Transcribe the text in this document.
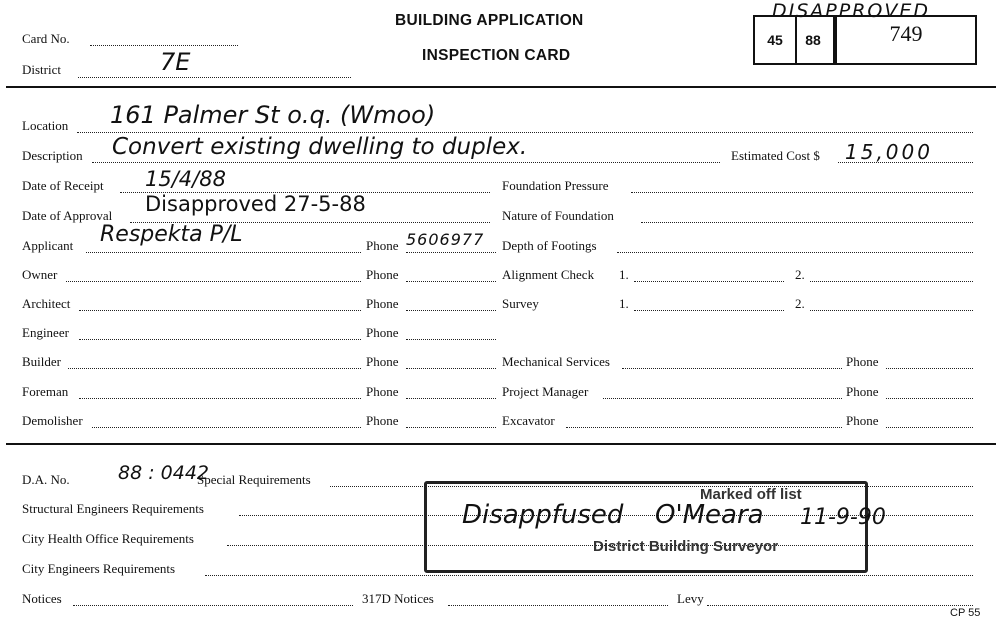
Card No.
District	7E
BUILDING APPLICATION
INSPECTION CARD
DISAPPROVED
45 88	749
Location 161 Palmer St o.q. (Wmoo)
Description Convert existing dwelling to duplex.	Estimated Cost $ 15,000
Date of Receipt 15/4/88	Foundation Pressure
Date of Approval Disapproved 27-5-88	Nature of Foundation
Applicant Respekta P/L	Phone 5606977 Depth of Footings
Owner	Phone	Alignment Check 1.	2.
Architect	Phone	Survey	1.	2.
Engineer	Phone
Builder	Phone	Mechanical Services	Phone
Foreman	Phone	Project Manager	Phone
Demolisher	Phone	Excavator	Phone
D.A. No.	88 : 0442
Special Requirements
Structural Engineers Requirements
City Health Office Requirements
City Engineers Requirements
Notices	317D Notices	Levy
CP 55
Marked off list
District Building Surveyor
Disappfused O'Meara 11-9-90
